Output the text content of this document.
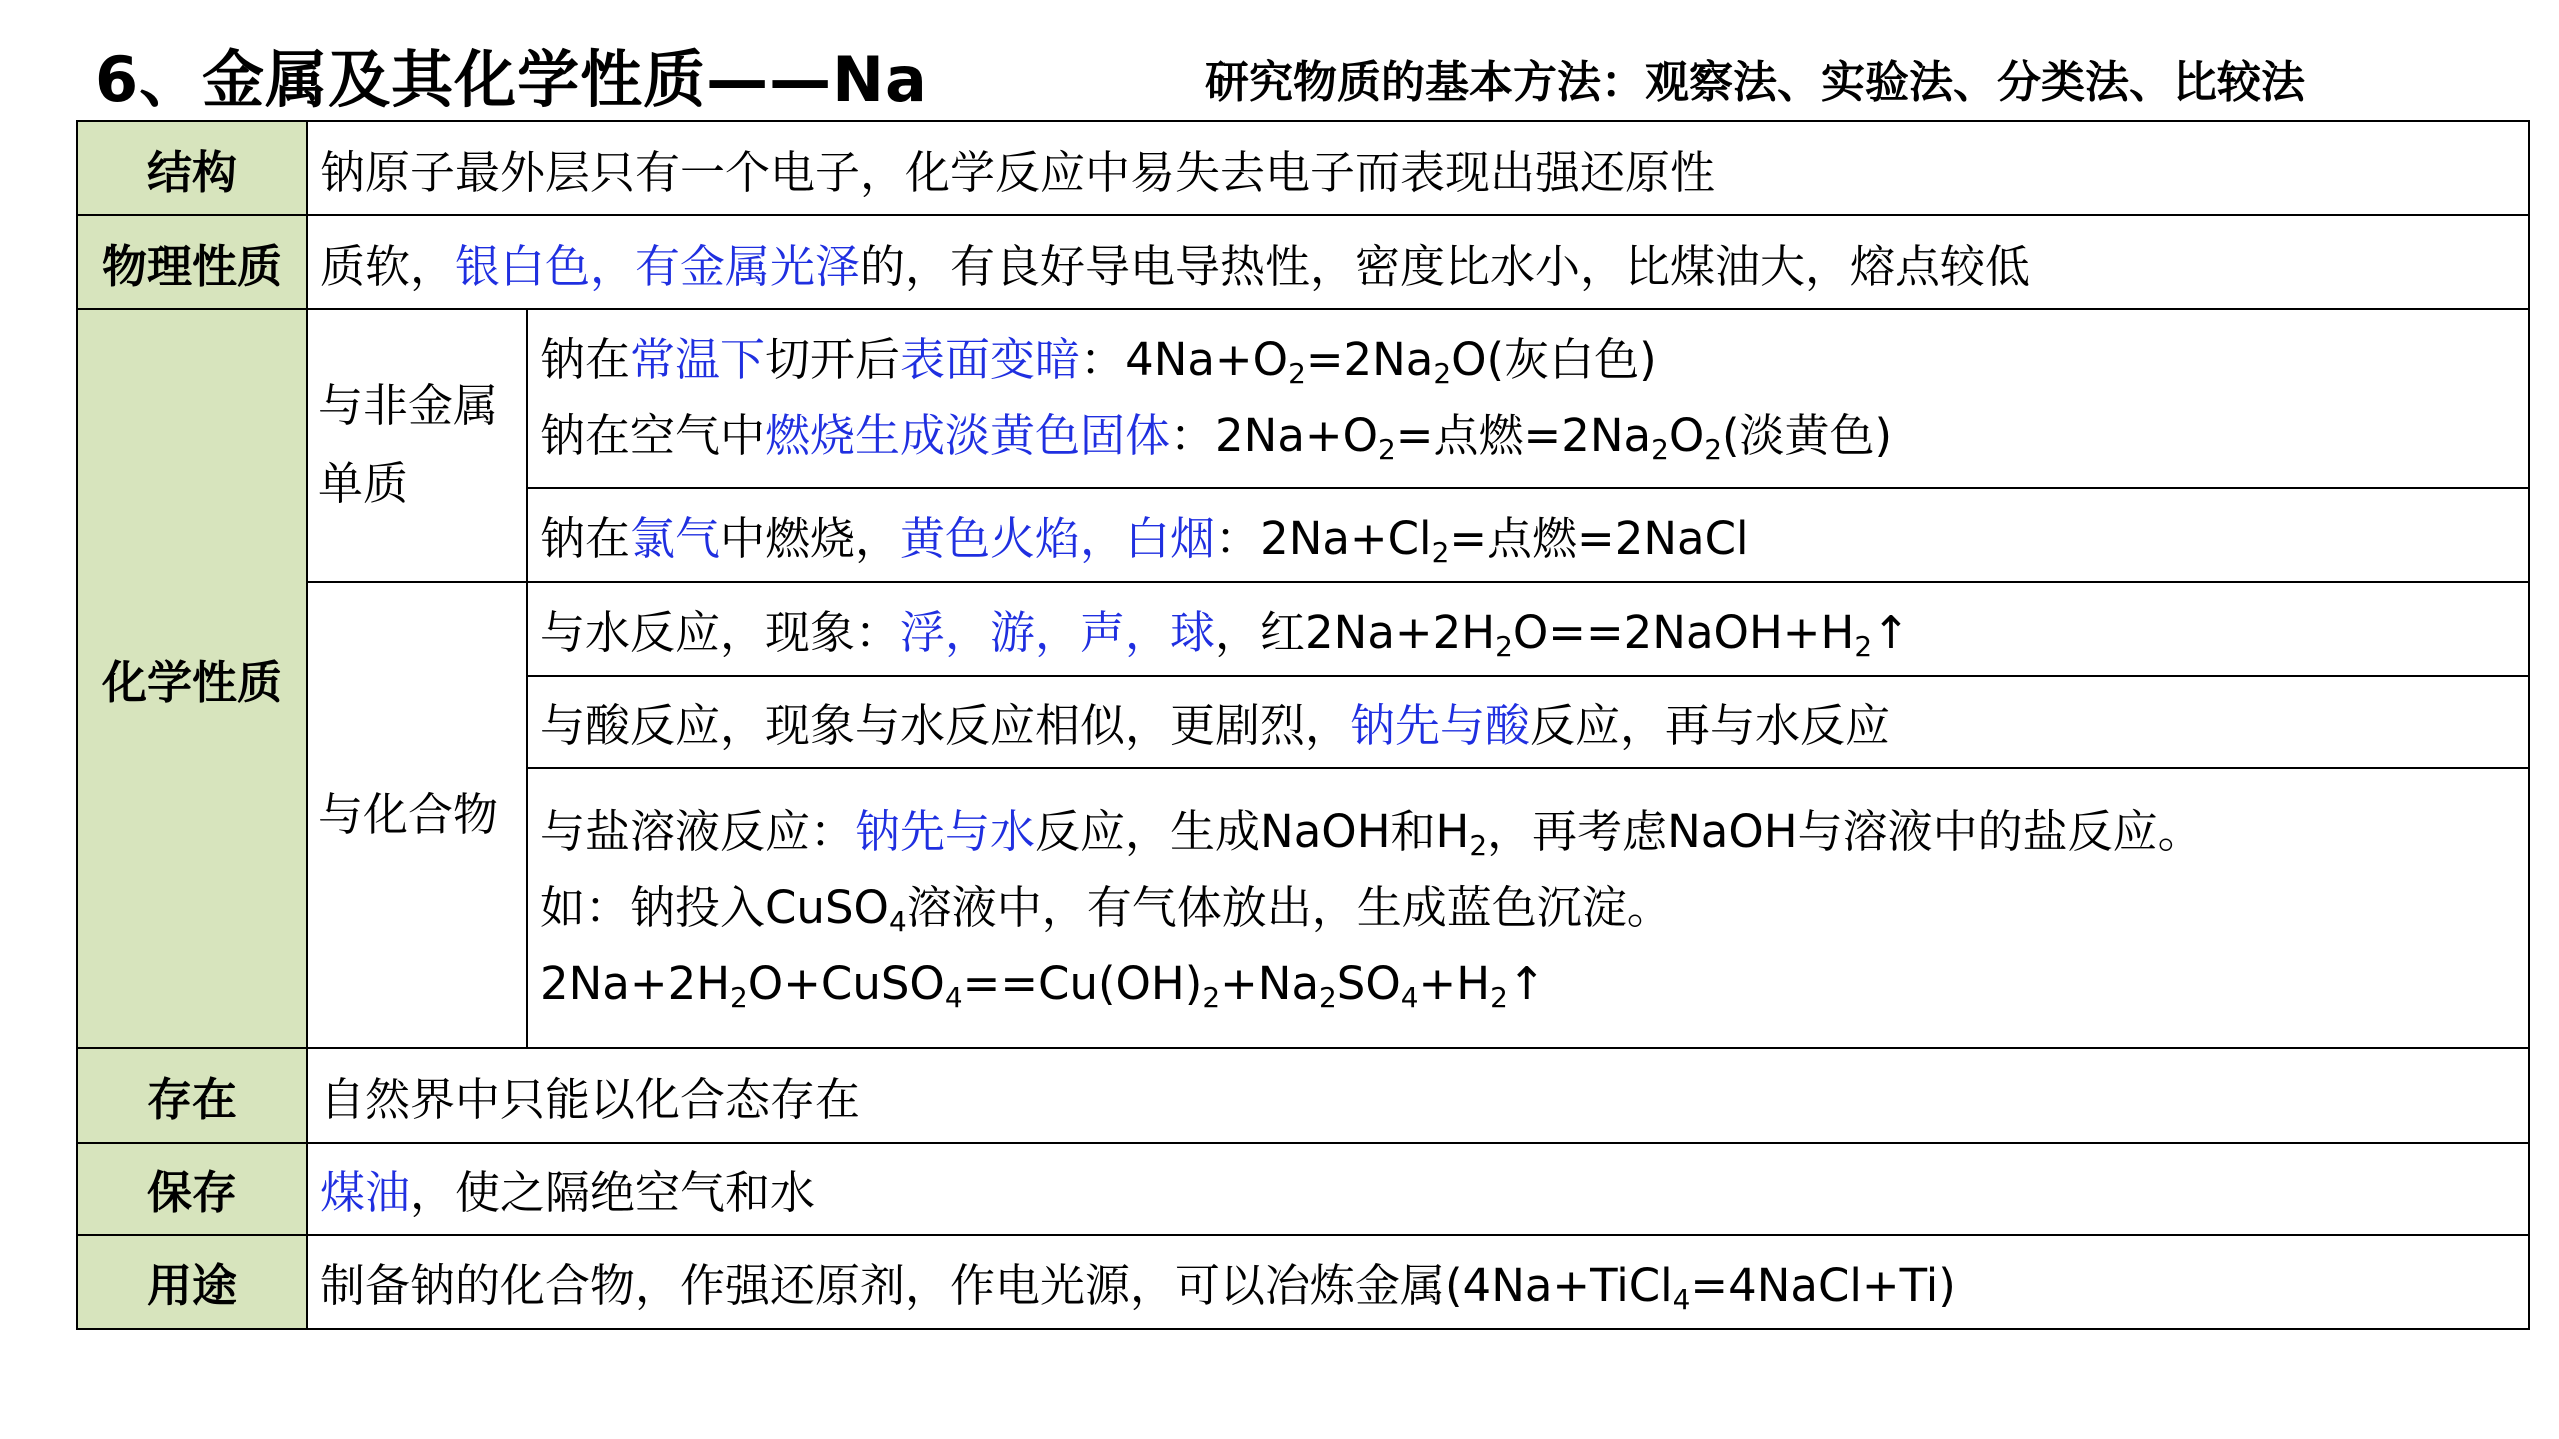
6、金属及其化学性质——Na	研究物质的基本方法：观察法、实验法、分类法、比较法
结构	钠原子最外层只有一个电子，化学反应中易失去电子而表现出强还原性	
物理性质	质软，银白色，有金属光泽的，有良好导电导热性，密度比水小，比煤油大，熔点较低	
化学性质	与非金属单质	钠在常温下切开后表面变暗：$4Na+O_2=2Na_2O$(灰白色)
钠在空气中燃烧生成淡黄色固体：$2Na+O_2=$点燃$=2Na_2O_2$(淡黄色)

		钠在氯气中燃烧，黄色火焰，白烟：$2Na+Cl_2=$点燃=2NaCl
	与化合物	与水反应，现象：浮，游，声，球，红$2Na+2H_2O==2NaOH+H_2↑$
		与酸反应，现象与水反应相似，更剧烈，钠先与酸反应，再与水反应

		与盐溶液反应：钠先与水反应，生成NaOH和$H_2$，再考虑NaOH与溶液中的盐反应。
如：钠投入CuSO$_4$溶液中，有气体放出，生成蓝色沉淀。
$2Na+2H_2O+CuSO_4==Cu(OH)_2+Na_2SO_4+H_2↑$

存在	自然界中只能以化合态存在	
保存	煤油，使之隔绝空气和水	
用途	制备钠的化合物，作强还原剂，作电光源，可以冶炼金属(4Na+TiCl$_4$=4NaCl+Ti)	
